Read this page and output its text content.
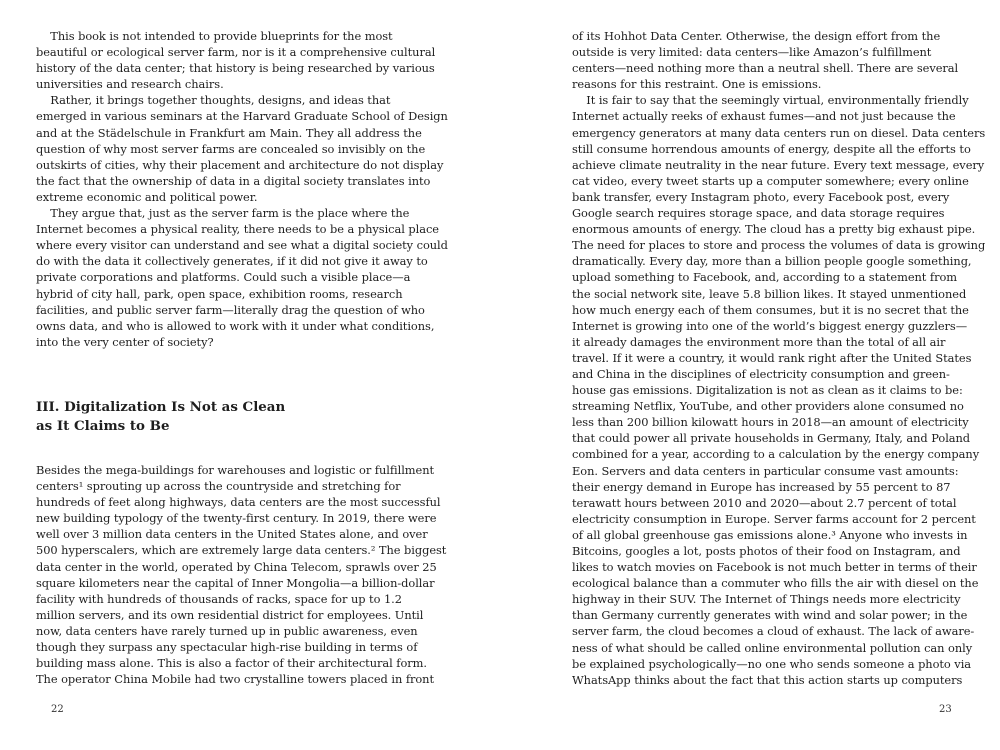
This book is not intended to provide blueprints for the most
beautiful or ecological server farm, nor is it a comprehensive cultural
history of the data center; that history is being researched by various
universities and research chairs.
Rather, it brings together thoughts, designs, and ideas that
emerged in various seminars at the Harvard Graduate School of Design
and at the Städelschule in Frankfurt am Main. They all address the
question of why most server farms are concealed so invisibly on the
outskirts of cities, why their placement and architecture do not display
the fact that the ownership of data in a digital society translates into
extreme economic and political power.
They argue that, just as the server farm is the place where the
Internet becomes a physical reality, there needs to be a physical place
where every visitor can understand and see what a digital society could
do with the data it collectively generates, if it did not give it away to
private corporations and platforms. Could such a visible place—a
hybrid of city hall, park, open space, exhibition rooms, research
facilities, and public server farm—literally drag the question of who
owns data, and who is allowed to work with it under what conditions,
into the very center of society?
III. Digitalization Is Not as Clean
as It Claims to Be
Besides the mega-buildings for warehouses and logistic or fulfillment
centers¹ sprouting up across the countryside and stretching for
hundreds of feet along highways, data centers are the most successful
new building typology of the twenty-first century. In 2019, there were
well over 3 million data centers in the United States alone, and over
500 hyperscalers, which are extremely large data centers.² The biggest
data center in the world, operated by China Telecom, sprawls over 25
square kilometers near the capital of Inner Mongolia—a billion-dollar
facility with hundreds of thousands of racks, space for up to 1.2
million servers, and its own residential district for employees. Until
now, data centers have rarely turned up in public awareness, even
though they surpass any spectacular high-rise building in terms of
building mass alone. This is also a factor of their architectural form.
The operator China Mobile had two crystalline towers placed in front
22
of its Hohhot Data Center. Otherwise, the design effort from the
outside is very limited: data centers—like Amazon’s fulfillment
centers—need nothing more than a neutral shell. There are several
reasons for this restraint. One is emissions.
It is fair to say that the seemingly virtual, environmentally friendly
Internet actually reeks of exhaust fumes—and not just because the
emergency generators at many data centers run on diesel. Data centers
still consume horrendous amounts of energy, despite all the efforts to
achieve climate neutrality in the near future. Every text message, every
cat video, every tweet starts up a computer somewhere; every online
bank transfer, every Instagram photo, every Facebook post, every
Google search requires storage space, and data storage requires
enormous amounts of energy. The cloud has a pretty big exhaust pipe.
The need for places to store and process the volumes of data is growing
dramatically. Every day, more than a billion people google something,
upload something to Facebook, and, according to a statement from
the social network site, leave 5.8 billion likes. It stayed unmentioned
how much energy each of them consumes, but it is no secret that the
Internet is growing into one of the world’s biggest energy guzzlers—
it already damages the environment more than the total of all air
travel. If it were a country, it would rank right after the United States
and China in the disciplines of electricity consumption and green-
house gas emissions. Digitalization is not as clean as it claims to be:
streaming Netflix, YouTube, and other providers alone consumed no
less than 200 billion kilowatt hours in 2018—an amount of electricity
that could power all private households in Germany, Italy, and Poland
combined for a year, according to a calculation by the energy company
Eon. Servers and data centers in particular consume vast amounts:
their energy demand in Europe has increased by 55 percent to 87
terawatt hours between 2010 and 2020—about 2.7 percent of total
electricity consumption in Europe. Server farms account for 2 percent
of all global greenhouse gas emissions alone.³ Anyone who invests in
Bitcoins, googles a lot, posts photos of their food on Instagram, and
likes to watch movies on Facebook is not much better in terms of their
ecological balance than a commuter who fills the air with diesel on the
highway in their SUV. The Internet of Things needs more electricity
than Germany currently generates with wind and solar power; in the
server farm, the cloud becomes a cloud of exhaust. The lack of aware-
ness of what should be called online environmental pollution can only
be explained psychologically—no one who sends someone a photo via
WhatsApp thinks about the fact that this action starts up computers
23
